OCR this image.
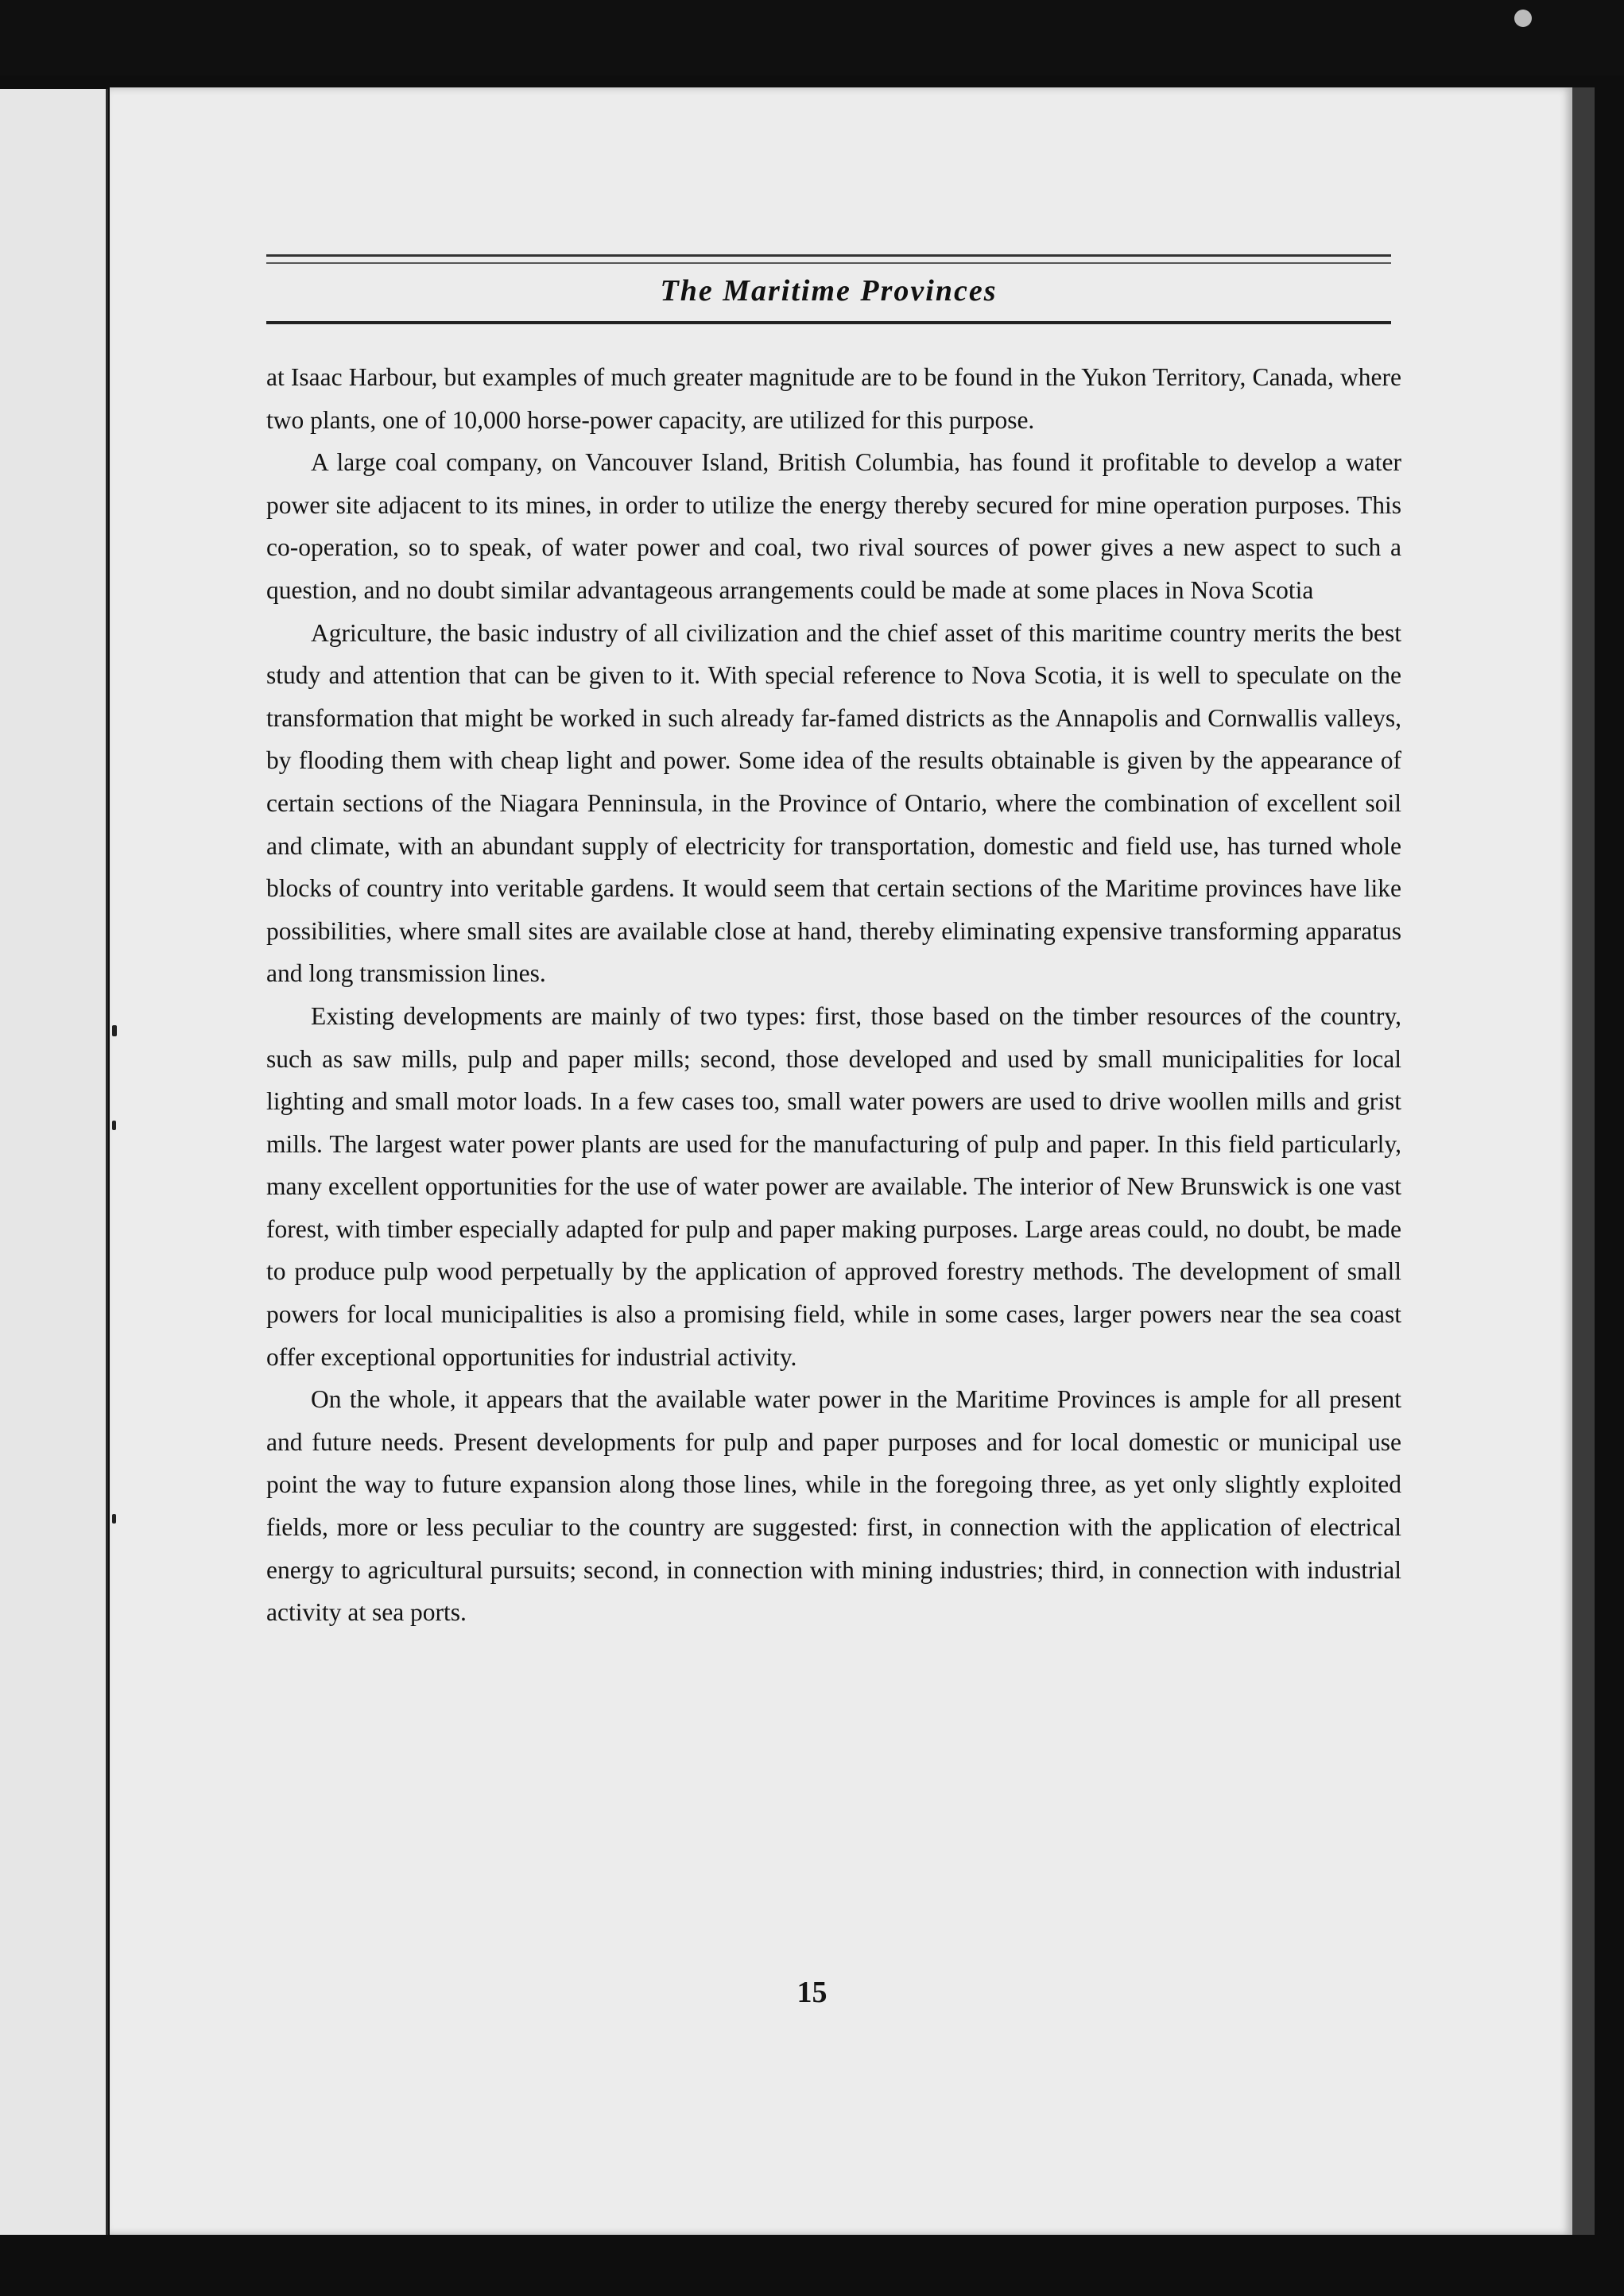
The Maritime Provinces

at Isaac Harbour, but examples of much greater magnitude are to be found in the Yukon Territory, Canada, where two plants, one of 10,000 horse-power capacity, are utilized for this purpose.

A large coal company, on Vancouver Island, British Columbia, has found it profitable to develop a water power site adjacent to its mines, in order to utilize the energy thereby secured for mine operation purposes. This co-operation, so to speak, of water power and coal, two rival sources of power gives a new aspect to such a question, and no doubt similar advantageous arrangements could be made at some places in Nova Scotia

Agriculture, the basic industry of all civilization and the chief asset of this maritime country merits the best study and attention that can be given to it. With special reference to Nova Scotia, it is well to speculate on the transformation that might be worked in such already far-famed districts as the Annapolis and Cornwallis valleys, by flooding them with cheap light and power. Some idea of the results obtainable is given by the appearance of certain sections of the Niagara Penninsula, in the Province of Ontario, where the combination of excellent soil and climate, with an abundant supply of electricity for transportation, domestic and field use, has turned whole blocks of country into veritable gardens. It would seem that certain sections of the Maritime provinces have like possibilities, where small sites are available close at hand, thereby eliminating expensive transforming apparatus and long transmission lines.

Existing developments are mainly of two types: first, those based on the timber resources of the country, such as saw mills, pulp and paper mills; second, those developed and used by small municipalities for local lighting and small motor loads. In a few cases too, small water powers are used to drive woollen mills and grist mills. The largest water power plants are used for the manufacturing of pulp and paper. In this field particularly, many excellent opportunities for the use of water power are available. The interior of New Brunswick is one vast forest, with timber especially adapted for pulp and paper making purposes. Large areas could, no doubt, be made to produce pulp wood perpetually by the application of approved forestry methods. The development of small powers for local municipalities is also a promising field, while in some cases, larger powers near the sea coast offer exceptional opportunities for industrial activity.

On the whole, it appears that the available water power in the Maritime Provinces is ample for all present and future needs. Present developments for pulp and paper purposes and for local domestic or municipal use point the way to future expansion along those lines, while in the foregoing three, as yet only slightly exploited fields, more or less peculiar to the country are suggested: first, in connection with the application of electrical energy to agricultural pursuits; second, in connection with mining industries; third, in connection with industrial activity at sea ports.

15
